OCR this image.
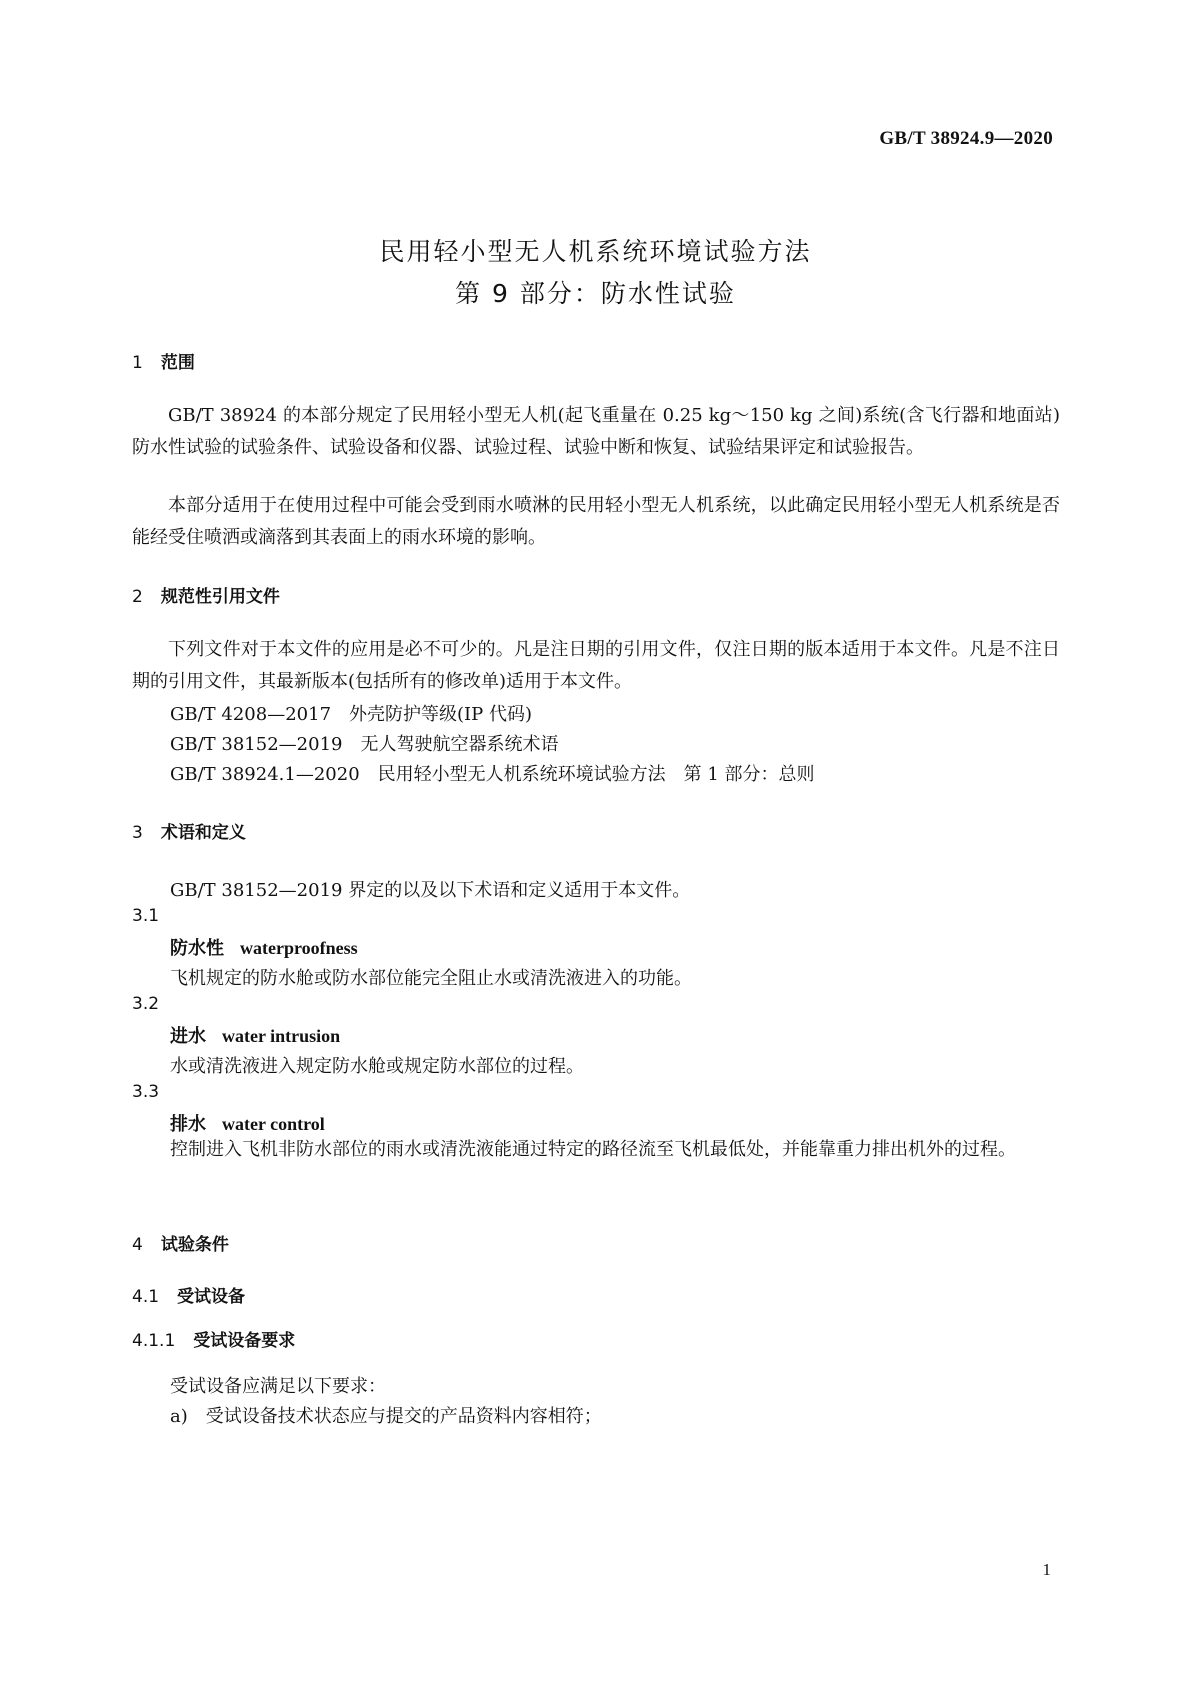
GB/T 38924.9—2020
民用轻小型无人机系统环境试验方法
第 9 部分：防水性试验
1 范围
GB/T 38924 的本部分规定了民用轻小型无人机(起飞重量在 0.25 kg～150 kg 之间)系统(含飞行器和地面站)防水性试验的试验条件、试验设备和仪器、试验过程、试验中断和恢复、试验结果评定和试验报告。
本部分适用于在使用过程中可能会受到雨水喷淋的民用轻小型无人机系统，以此确定民用轻小型无人机系统是否能经受住喷洒或滴落到其表面上的雨水环境的影响。
2 规范性引用文件
下列文件对于本文件的应用是必不可少的。凡是注日期的引用文件，仅注日期的版本适用于本文件。凡是不注日期的引用文件，其最新版本(包括所有的修改单)适用于本文件。
GB/T 4208—2017 外壳防护等级(IP 代码)
GB/T 38152—2019 无人驾驶航空器系统术语
GB/T 38924.1—2020 民用轻小型无人机系统环境试验方法　第 1 部分：总则
3 术语和定义
GB/T 38152—2019 界定的以及以下术语和定义适用于本文件。
3.1
防水性 waterproofness
飞机规定的防水舱或防水部位能完全阻止水或清洗液进入的功能。
3.2
进水 water intrusion
水或清洗液进入规定防水舱或规定防水部位的过程。
3.3
排水 water control
控制进入飞机非防水部位的雨水或清洗液能通过特定的路径流至飞机最低处，并能靠重力排出机外的过程。
4 试验条件
4.1 受试设备
4.1.1 受试设备要求
受试设备应满足以下要求：
a) 受试设备技术状态应与提交的产品资料内容相符；
1
